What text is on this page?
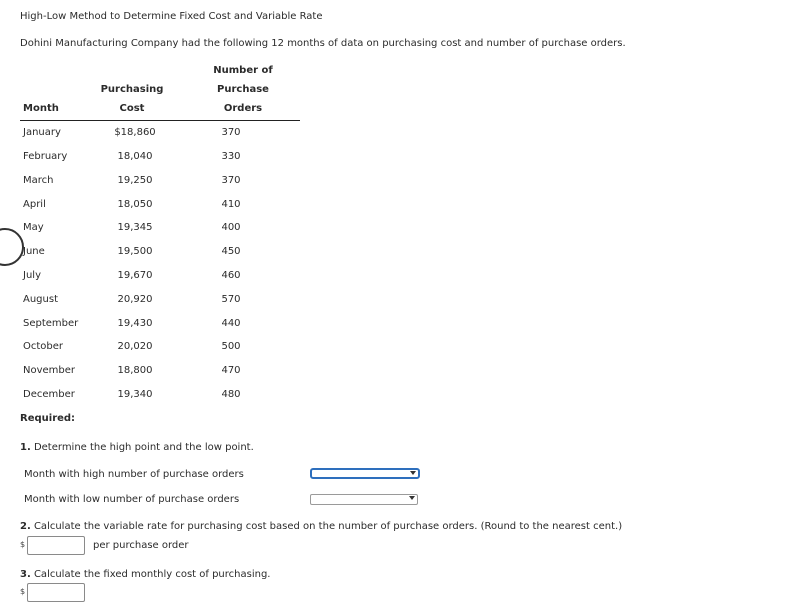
High-Low Method to Determine Fixed Cost and Variable Rate
Dohini Manufacturing Company had the following 12 months of data on purchasing cost and number of purchase orders.
Number of
Purchasing	Purchase
Month	Cost	Orders
January	$18,860	370
February	18,040	330
March	19,250	370
April	18,050	410
May	19,345	400
June	19,500	450
July	19,670	460
August	20,920	570
September	19,430	440
October	20,020	500
November	18,800	470
December	19,340	480
Required:
1. Determine the high point and the low point.
Month with high number of purchase orders
Month with low number of purchase orders
2. Calculate the variable rate for purchasing cost based on the number of purchase orders. (Round to the nearest cent.)
$	per purchase order
3. Calculate the fixed monthly cost of purchasing.
$
